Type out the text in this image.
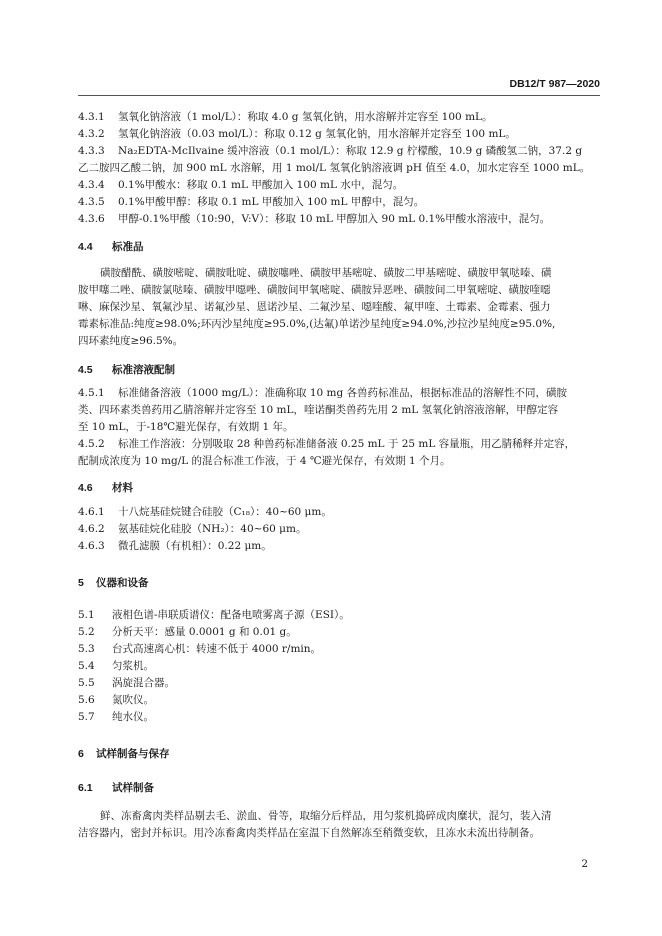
DB12/T 987—2020
4.3.1 氢氧化钠溶液（1 mol/L）：称取 4.0 g 氢氧化钠，用水溶解并定容至 100 mL。
4.3.2 氢氧化钠溶液（0.03 mol/L）：称取 0.12 g 氢氧化钠，用水溶解并定容至 100 mL。
4.3.3 Na₂EDTA-McIlvaine 缓冲溶液（0.1 mol/L）：称取 12.9 g 柠檬酸，10.9 g 磷酸氢二钠，37.2 g
乙二胺四乙酸二钠，加 900 mL 水溶解，用 1 mol/L 氢氧化钠溶液调 pH 值至 4.0，加水定容至 1000 mL。
4.3.4 0.1%甲酸水：移取 0.1 mL 甲酸加入 100 mL 水中，混匀。
4.3.5 0.1%甲酸甲醇：移取 0.1 mL 甲酸加入 100 mL 甲醇中，混匀。
4.3.6 甲醇-0.1%甲酸（10:90，V:V）：移取 10 mL 甲醇加入 90 mL 0.1%甲酸水溶液中，混匀。
4.4 标准品
磺胺醋酰、磺胺嘧啶、磺胺吡啶、磺胺噻唑、磺胺甲基嘧啶、磺胺二甲基嘧啶、磺胺甲氧哒嗪、磺
胺甲噻二唑、磺胺氯哒嗪、磺胺甲噁唑、磺胺间甲氧嘧啶、磺胺异恶唑、磺胺间二甲氧嘧啶、磺胺喹噁
啉、麻保沙星、氧氟沙星、诺氟沙星、恩诺沙星、二氟沙星、噁喹酸、氟甲喹、土霉素、金霉素、强力
霉素标准品:纯度≥98.0%;环丙沙星纯度≥95.0%,(达氟)单诺沙星纯度≥94.0%,沙拉沙星纯度≥95.0%,
四环素纯度≥96.5%。
4.5 标准溶液配制
4.5.1 标准储备溶液（1000 mg/L）：准确称取 10 mg 各兽药标准品，根据标准品的溶解性不同，磺胺
类、四环素类兽药用乙腈溶解并定容至 10 mL，喹诺酮类兽药先用 2 mL 氢氧化钠溶液溶解，甲醇定容
至 10 mL，于-18℃避光保存，有效期 1 年。
4.5.2 标准工作溶液：分别吸取 28 种兽药标准储备液 0.25 mL 于 25 mL 容量瓶，用乙腈稀释并定容，
配制成浓度为 10 mg/L 的混合标准工作液，于 4 ℃避光保存，有效期 1 个月。
4.6 材料
4.6.1 十八烷基硅烷键合硅胶（C₁₈）：40~60 μm。
4.6.2 氨基硅烷化硅胶（NH₂）：40~60 μm。
4.6.3 微孔滤膜（有机相）：0.22 μm。
5 仪器和设备
5.1 液相色谱-串联质谱仪：配备电喷雾离子源（ESI）。
5.2 分析天平：感量 0.0001 g 和 0.01 g。
5.3 台式高速离心机：转速不低于 4000 r/min。
5.4 匀浆机。
5.5 涡旋混合器。
5.6 氮吹仪。
5.7 纯水仪。
6 试样制备与保存
6.1 试样制备
鲜、冻畜禽肉类样品剔去毛、淤血、骨等，取缩分后样品，用匀浆机捣碎成肉糜状，混匀，装入清
洁容器内，密封并标识。用冷冻畜禽肉类样品在室温下自然解冻至稍微变软，且冻水未流出待制备。
2
